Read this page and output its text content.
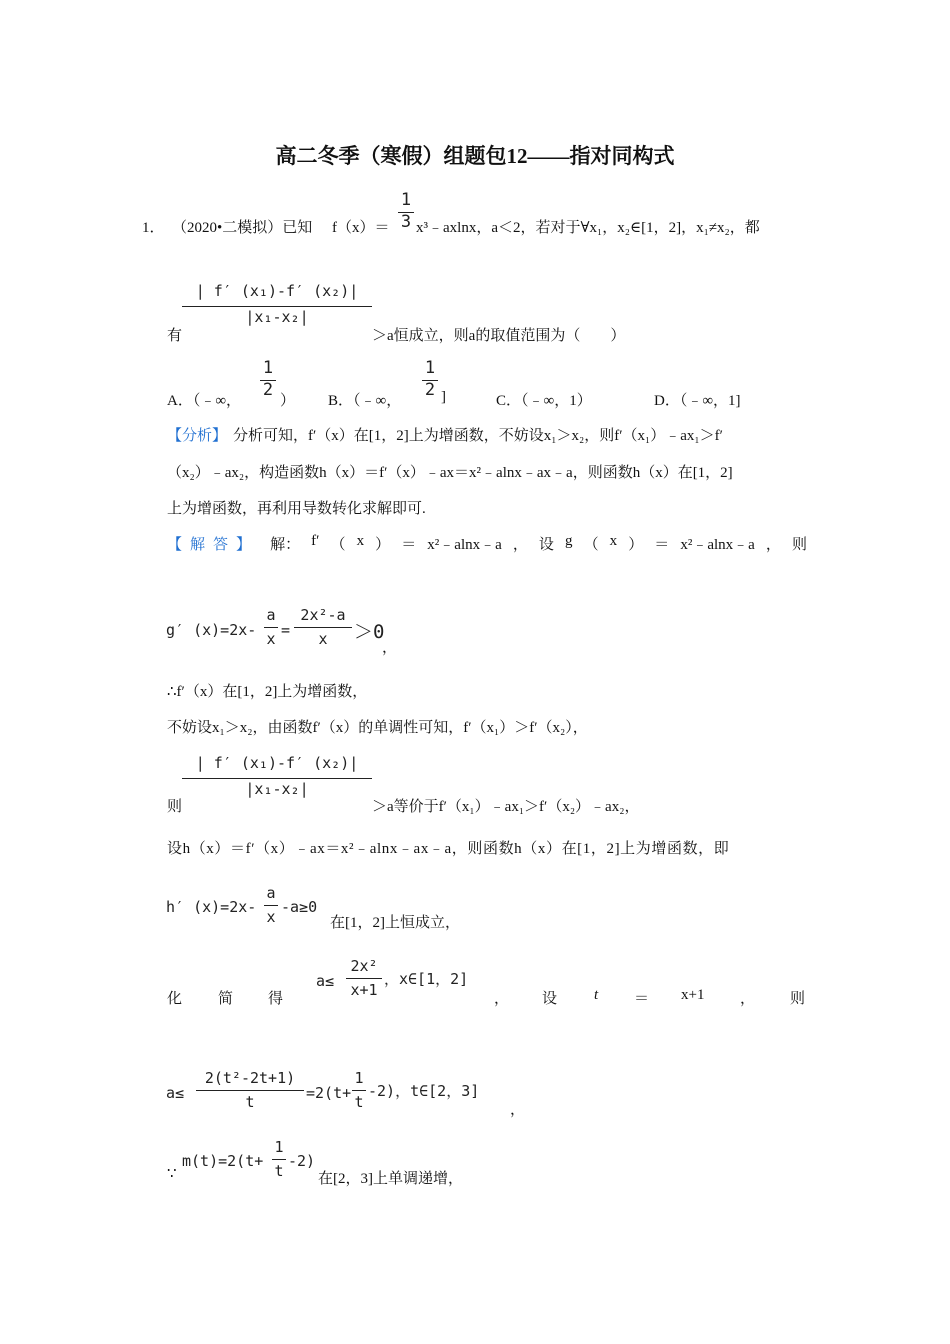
高二冬季（寒假）组题包12——指对同构式
1． （2020•二模拟）已知 f（x）＝
1
3 x³﹣axlnx，a＜2，若对于∀x₁，x₂∈[1，2]，x₁≠x₂，都
| f′ (x₁)-f′ (x₂)|
|x₁-x₂|
有	＞a恒成立，则a的取值范围为（　　）
A．（﹣∞，
1
2
） B．（﹣∞，
1
2 ]	C．（﹣∞，1）	D．（﹣∞，1]
【分析】 分析可知，f′（x）在[1，2]上为增函数，不妨设x₁＞x₂，则f′（x₁）﹣ax₁＞f′
（x₂）﹣ax₂，构造函数h（x）＝f′（x）﹣ax＝x²﹣alnx﹣ax﹣a，则函数h（x）在[1，2]
上为增函数，再利用导数转化求解即可.
【解答】 解： f′ （ x ） ＝ x²﹣alnx﹣a ， 设 g （ x ） ＝ x²﹣alnx﹣a ， 则
g′ (x)=2x-
a
x =
2x²-a
x	＞0
，
∴f′（x）在[1，2]上为增函数，
不妨设x₁＞x₂，由函数f′（x）的单调性可知，f′（x₁）＞f′（x₂），
| f′ (x₁)-f′ (x₂)|
|x₁-x₂|
则	＞a等价于f′（x₁）﹣ax₁＞f′（x₂）﹣ax₂，
设h（x）＝f′（x）﹣ax＝x²﹣alnx﹣ax﹣a，则函数h（x）在[1，2]上为增函数，即
h′ (x)=2x-
a
x
-a≥0
在[1，2]上恒成立，
化 简 得
a≤
2x²
x+1
，x∈[1，2]
， 设 t ＝ x+1 ， 则
a≤
2(t²-2t+1)
t	=2(t+
1
t
-2)，t∈[2，3]
，
∵
m(t)=2(t+
1
t
-2)
在[2，3]上单调递增，
